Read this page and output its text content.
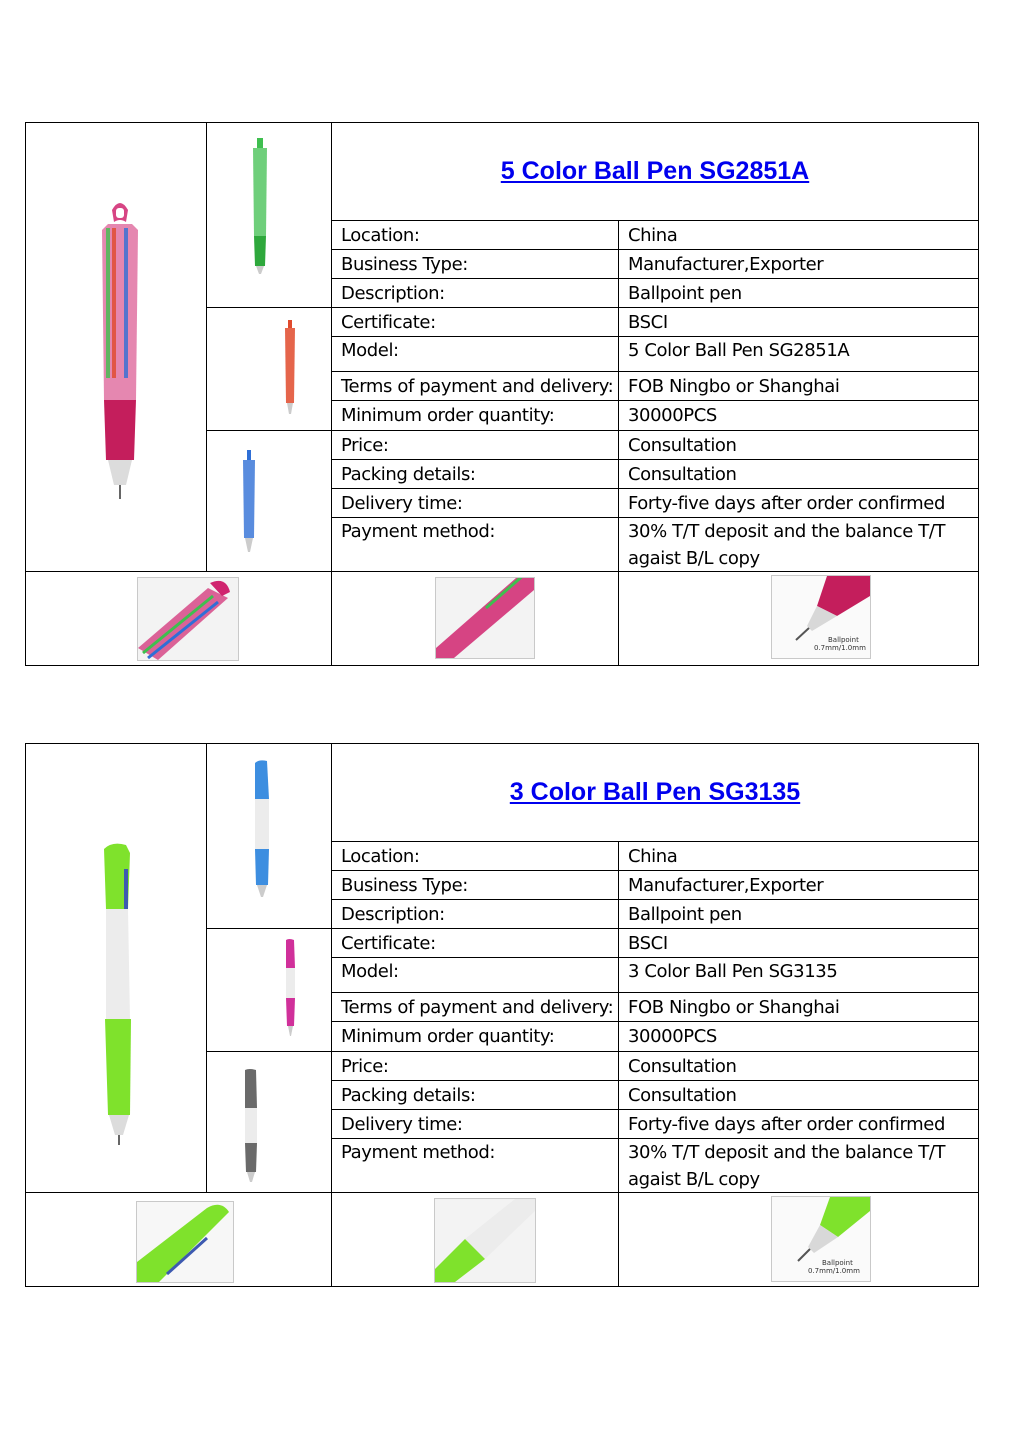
5 Color Ball Pen SG2851A
Location:	China
Business Type:	Manufacturer,Exporter
Description:	Ballpoint pen
Certificate:	BSCI
Model:	5 Color Ball Pen SG2851A
Terms of payment and delivery: FOB Ningbo or Shanghai
Minimum order quantity:	30000PCS
Price:	Consultation
Packing details:	Consultation
Delivery time:	Forty-five days after order confirmed
Payment method:	30% T/T deposit and the balance T/T agaist B/L copy
Ballpoint
0.7mm/1.0mm
3 Color Ball Pen SG3135
Location:	China
Business Type:	Manufacturer,Exporter
Description:	Ballpoint pen
Certificate:	BSCI
Model:	3 Color Ball Pen SG3135
Terms of payment and delivery: FOB Ningbo or Shanghai
Minimum order quantity:	30000PCS
Price:	Consultation
Packing details:	Consultation
Delivery time:	Forty-five days after order confirmed
Payment method:	30% T/T deposit and the balance T/T agaist B/L copy
Ballpoint
0.7mm/1.0mm
